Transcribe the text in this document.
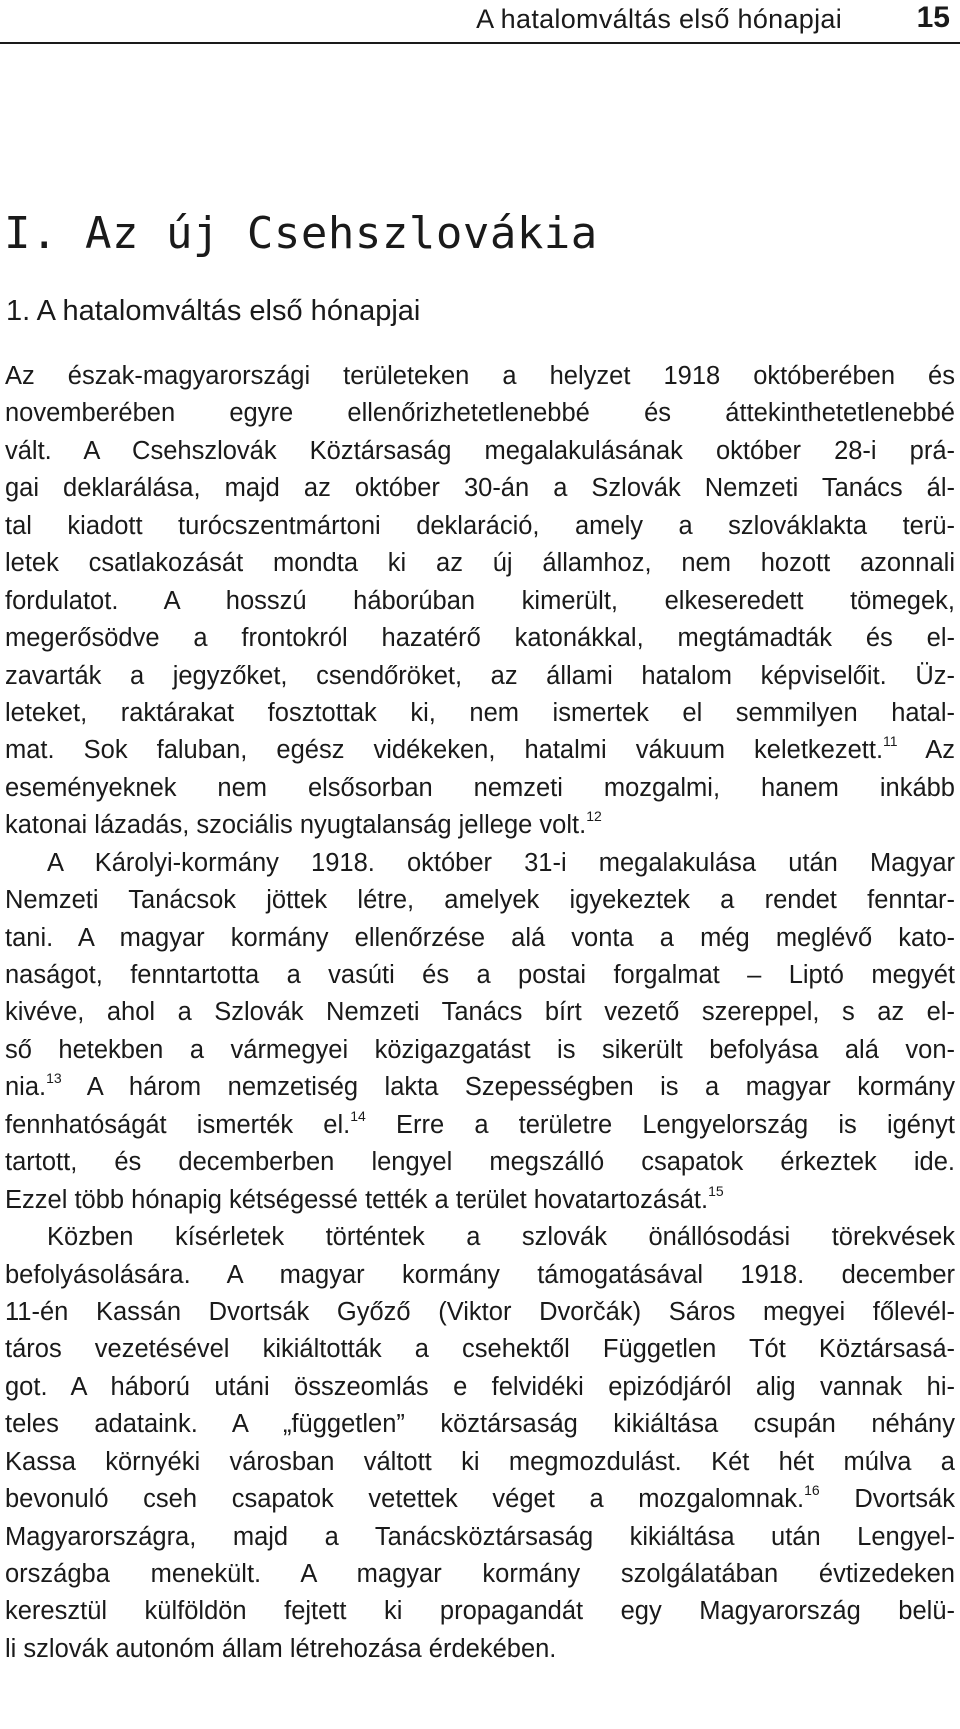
A hatalomváltás első hónapjai 15
I. Az új Csehszlovákia
1. A hatalomváltás első hónapjai
Az észak-magyarországi területeken a helyzet 1918 októberében és
novemberében egyre ellenőrizhetetlenebbé és áttekinthetetlenebbé
vált. A Csehszlovák Köztársaság megalakulásának október 28-i prá-
gai deklarálása, majd az október 30-án a Szlovák Nemzeti Tanács ál-
tal kiadott turócszentmártoni deklaráció, amely a szlováklakta terü-
letek csatlakozását mondta ki az új államhoz, nem hozott azonnali
fordulatot. A hosszú háborúban kimerült, elkeseredett tömegek,
megerősödve a frontokról hazatérő katonákkal, megtámadták és el-
zavarták a jegyzőket, csendőröket, az állami hatalom képviselőit. Üz-
leteket, raktárakat fosztottak ki, nem ismertek el semmilyen hatal-
mat. Sok faluban, egész vidékeken, hatalmi vákuum keletkezett.$^{11}$ Az
eseményeknek nem elsősorban nemzeti mozgalmi, hanem inkább
katonai lázadás, szociális nyugtalanság jellege volt.$^{12}$
A Károlyi-kormány 1918. október 31-i megalakulása után Magyar
Nemzeti Tanácsok jöttek létre, amelyek igyekeztek a rendet fenntar-
tani. A magyar kormány ellenőrzése alá vonta a még meglévő kato-
naságot, fenntartotta a vasúti és a postai forgalmat – Liptó megyét
kivéve, ahol a Szlovák Nemzeti Tanács bírt vezető szereppel, s az el-
ső hetekben a vármegyei közigazgatást is sikerült befolyása alá von-
nia.$^{13}$ A három nemzetiség lakta Szepességben is a magyar kormány
fennhatóságát ismerték el.$^{14}$ Erre a területre Lengyelország is igényt
tartott, és decemberben lengyel megszálló csapatok érkeztek ide.
Ezzel több hónapig kétségessé tették a terület hovatartozását.$^{15}$
Közben kísérletek történtek a szlovák önállósodási törekvések
befolyásolására. A magyar kormány támogatásával 1918. december
11-én Kassán Dvortsák Győző (Viktor Dvorčák) Sáros megyei főlevél-
táros vezetésével kikiáltották a csehektől Független Tót Köztársasá-
got. A háború utáni összeomlás e felvidéki epizódjáról alig vannak hi-
teles adataink. A „független” köztársaság kikiáltása csupán néhány
Kassa környéki városban váltott ki megmozdulást. Két hét múlva a
bevonuló cseh csapatok vetettek véget a mozgalomnak.$^{16}$ Dvortsák
Magyarországra, majd a Tanácsköztársaság kikiáltása után Lengyel-
országba menekült. A magyar kormány szolgálatában évtizedeken
keresztül külföldön fejtett ki propagandát egy Magyarország belü-
li szlovák autonóm állam létrehozása érdekében.
